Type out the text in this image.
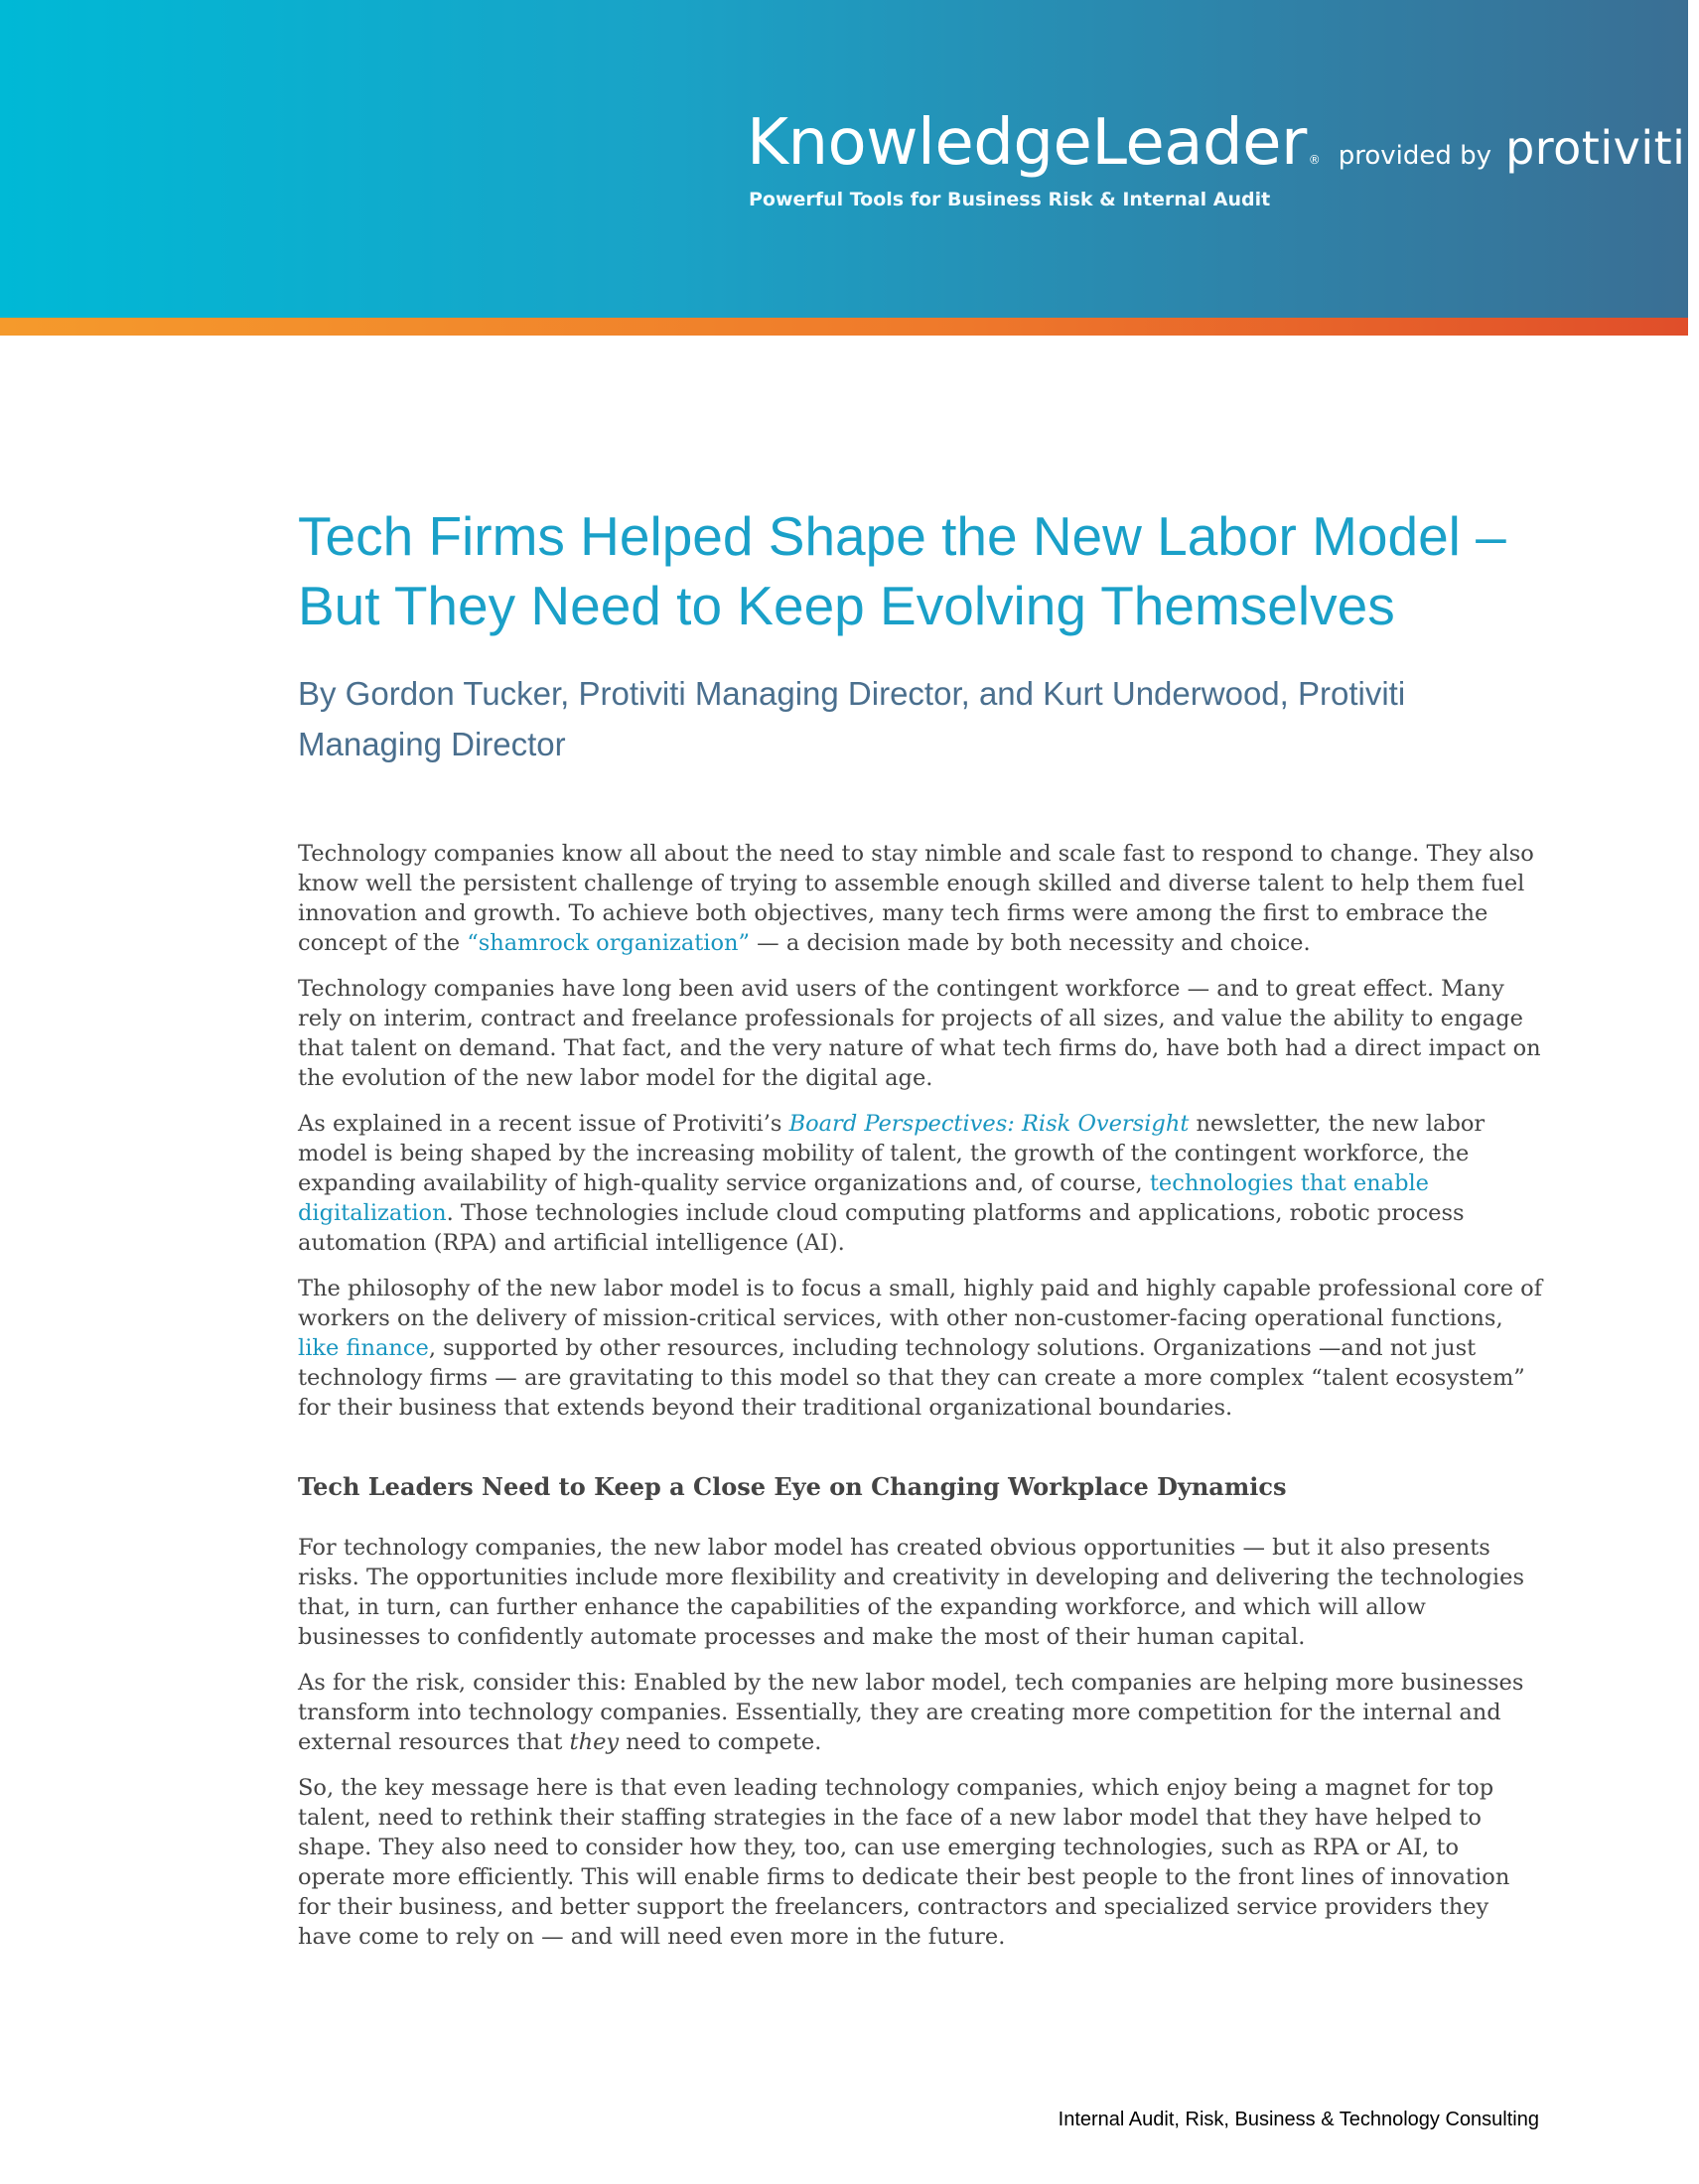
KnowledgeLeader ® provided by protiviti ®
Powerful Tools for Business Risk & Internal Audit
Tech Firms Helped Shape the New Labor Model – But They Need to Keep Evolving Themselves
By Gordon Tucker, Protiviti Managing Director, and Kurt Underwood, Protiviti Managing Director

Technology companies know all about the need to stay nimble and scale fast to respond to change. They also know well the persistent challenge of trying to assemble enough skilled and diverse talent to help them fuel innovation and growth. To achieve both objectives, many tech firms were among the first to embrace the concept of the “shamrock organization” — a decision made by both necessity and choice.

Technology companies have long been avid users of the contingent workforce — and to great effect. Many rely on interim, contract and freelance professionals for projects of all sizes, and value the ability to engage that talent on demand. That fact, and the very nature of what tech firms do, have both had a direct impact on the evolution of the new labor model for the digital age.

As explained in a recent issue of Protiviti’s Board Perspectives: Risk Oversight newsletter, the new labor model is being shaped by the increasing mobility of talent, the growth of the contingent workforce, the expanding availability of high-quality service organizations and, of course, technologies that enable digitalization. Those technologies include cloud computing platforms and applications, robotic process automation (RPA) and artificial intelligence (AI).

The philosophy of the new labor model is to focus a small, highly paid and highly capable professional core of workers on the delivery of mission-critical services, with other non-customer-facing operational functions, like finance, supported by other resources, including technology solutions. Organizations —and not just technology firms — are gravitating to this model so that they can create a more complex “talent ecosystem” for their business that extends beyond their traditional organizational boundaries.

Tech Leaders Need to Keep a Close Eye on Changing Workplace Dynamics

For technology companies, the new labor model has created obvious opportunities — but it also presents risks. The opportunities include more flexibility and creativity in developing and delivering the technologies that, in turn, can further enhance the capabilities of the expanding workforce, and which will allow businesses to confidently automate processes and make the most of their human capital.

As for the risk, consider this: Enabled by the new labor model, tech companies are helping more businesses transform into technology companies. Essentially, they are creating more competition for the internal and external resources that they need to compete.

So, the key message here is that even leading technology companies, which enjoy being a magnet for top talent, need to rethink their staffing strategies in the face of a new labor model that they have helped to shape. They also need to consider how they, too, can use emerging technologies, such as RPA or AI, to operate more efficiently. This will enable firms to dedicate their best people to the front lines of innovation for their business, and better support the freelancers, contractors and specialized service providers they have come to rely on — and will need even more in the future.

Internal Audit, Risk, Business & Technology Consulting
